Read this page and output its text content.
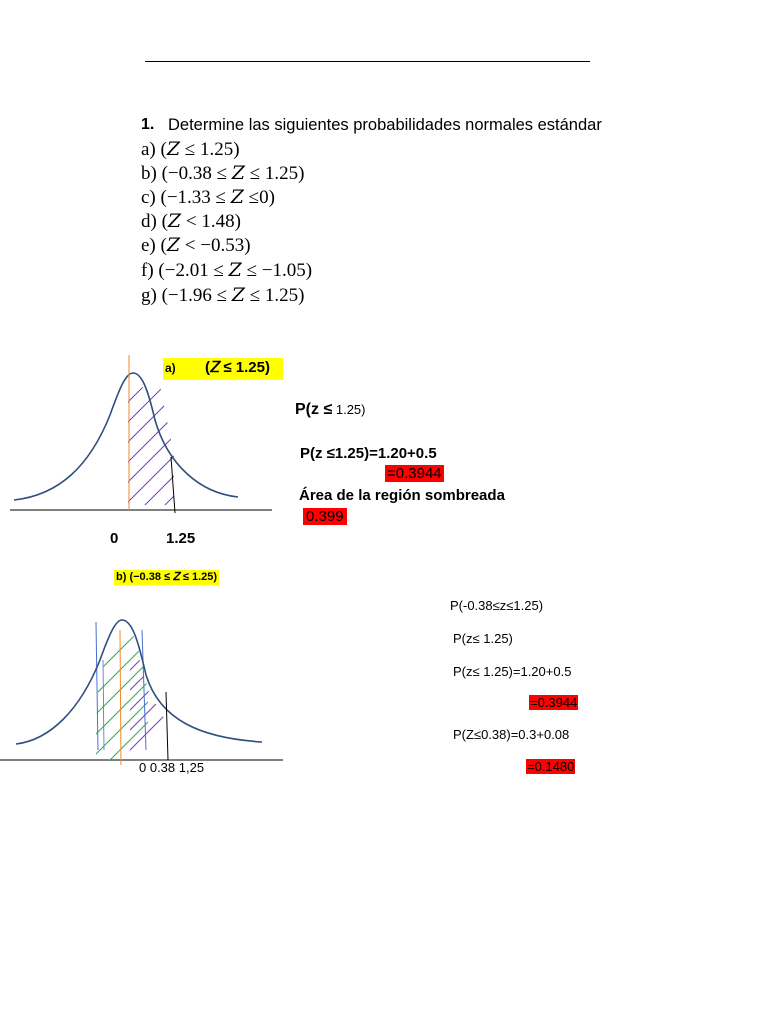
1. Determine las siguientes probabilidades normales estándar
a) (𝑍 ≤ 1.25)
b) (−0.38 ≤ 𝑍 ≤ 1.25)
c) (−1.33 ≤ 𝑍 ≤0)
d) (𝑍 < 1.48)
e) (𝑍 < −0.53)
f) (−2.01 ≤ 𝑍 ≤ −1.05)
g) (−1.96 ≤ 𝑍 ≤ 1.25)
a) (𝑍 ≤ 1.25)
0	1.25
P(z ≤ 1.25)
P(z ≤1.25)=1.20+0.5
=0.3944
Área de la región sombreada
0.399
b) (−0.38 ≤ 𝑍 ≤ 1.25)
0 0.38 1,25
P(-0.38≤z≤1.25)
P(z≤ 1.25)
P(z≤ 1.25)=1.20+0.5
=0.3944
P(Z≤0.38)=0.3+0.08
=0.1480
